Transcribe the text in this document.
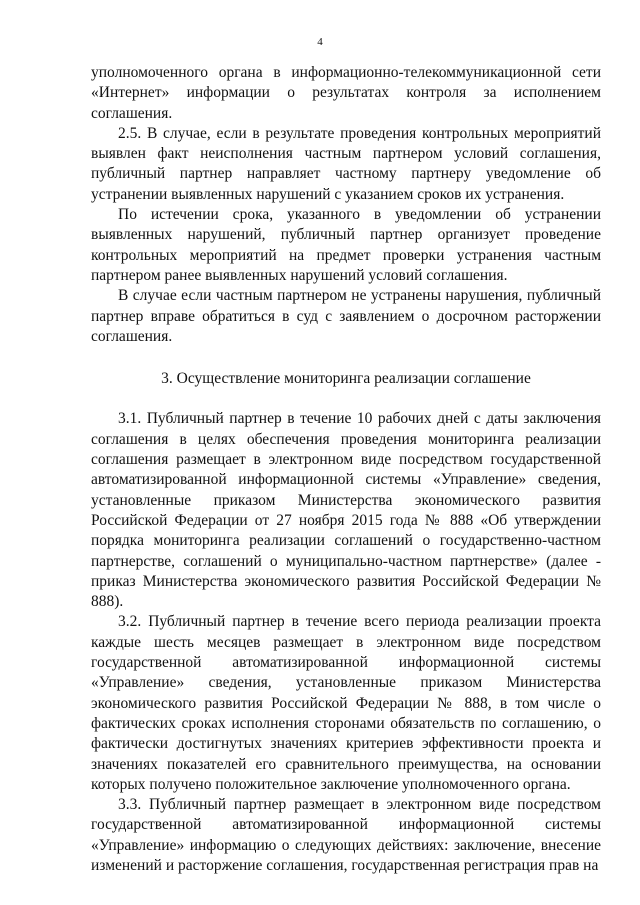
4

уполномоченного органа в информационно-телекоммуникационной сети «Интернет» информации о результатах контроля за исполнением соглашения.

2.5. В случае, если в результате проведения контрольных мероприятий выявлен факт неисполнения частным партнером условий соглашения, публичный партнер направляет частному партнеру уведомление об устранении выявленных нарушений с указанием сроков их устранения.

По истечении срока, указанного в уведомлении об устранении выявленных нарушений, публичный партнер организует проведение контрольных мероприятий на предмет проверки устранения частным партнером ранее выявленных нарушений условий соглашения.

В случае если частным партнером не устранены нарушения, публичный партнер вправе обратиться в суд с заявлением о досрочном расторжении соглашения.

3. Осуществление мониторинга реализации соглашение

3.1. Публичный партнер в течение 10 рабочих дней с даты заключения соглашения в целях обеспечения проведения мониторинга реализации соглашения размещает в электронном виде посредством государственной автоматизированной информационной системы «Управление» сведения, установленные приказом Министерства экономического развития Российской Федерации от 27 ноября 2015 года № 888 «Об утверждении порядка мониторинга реализации соглашений о государственно-частном партнерстве, соглашений о муниципально-частном партнерстве» (далее - приказ Министерства экономического развития Российской Федерации № 888).

3.2. Публичный партнер в течение всего периода реализации проекта каждые шесть месяцев размещает в электронном виде посредством государственной автоматизированной информационной системы «Управление» сведения, установленные приказом Министерства экономического развития Российской Федерации № 888, в том числе о фактических сроках исполнения сторонами обязательств по соглашению, о фактически достигнутых значениях критериев эффективности проекта и значениях показателей его сравнительного преимущества, на основании которых получено положительное заключение уполномоченного органа.

3.3. Публичный партнер размещает в электронном виде посредством государственной автоматизированной информационной системы «Управление» информацию о следующих действиях: заключение, внесение изменений и расторжение соглашения, государственная регистрация прав на
